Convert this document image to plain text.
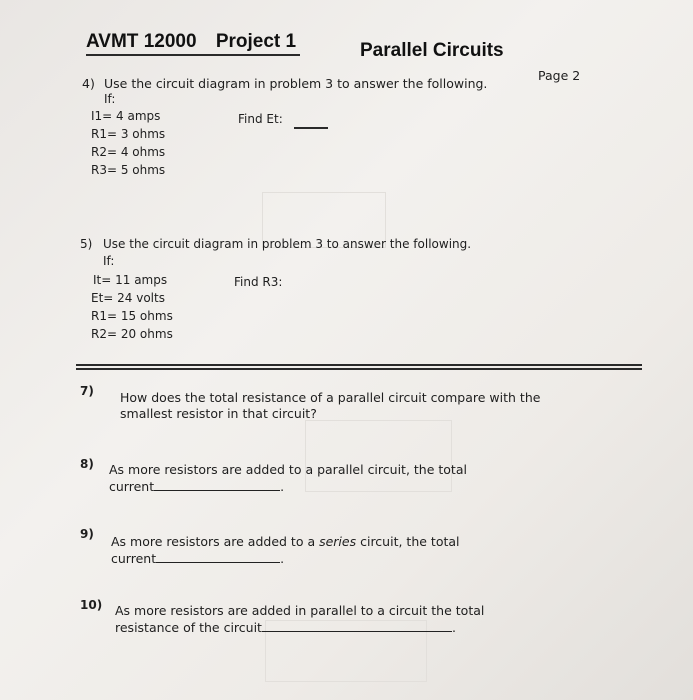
AVMT 12000 Project 1	Parallel Circuits
Page 2
4) Use the circuit diagram in problem 3 to answer the following.
If:
I1= 4 amps
R1= 3 ohms
R2= 4 ohms
R3= 5 ohms
Find Et:
5) Use the circuit diagram in problem 3 to answer the following.
If:
It= 11 amps
Et= 24 volts
R1= 15 ohms
R2= 20 ohms
Find R3:
7) How does the total resistance of a parallel circuit compare with the
smallest resistor in that circuit?
8) As more resistors are added to a parallel circuit, the total
current	.
9) As more resistors are added to a series circuit, the total
current	.
10) As more resistors are added in parallel to a circuit the total
resistance of the circuit	.
